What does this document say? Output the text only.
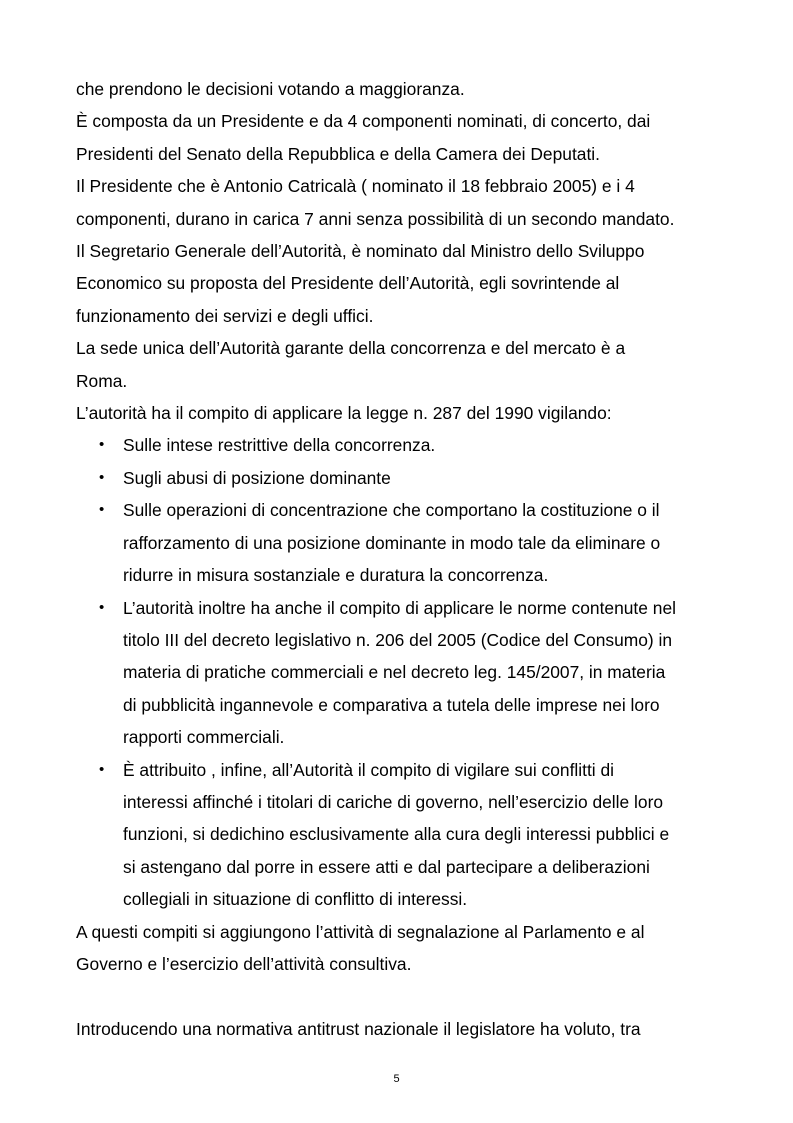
che prendono le decisioni votando a maggioranza.

È composta da un Presidente e da 4 componenti nominati, di concerto, dai

Presidenti del Senato della Repubblica e della Camera dei Deputati.

Il Presidente che è Antonio Catricalà ( nominato il 18 febbraio 2005) e i 4

componenti, durano in carica 7 anni senza possibilità di un secondo mandato.

Il Segretario Generale dell’Autorità, è nominato dal Ministro dello Sviluppo

Economico su proposta del Presidente dell’Autorità, egli sovrintende al

funzionamento dei servizi e degli uffici.

La sede unica dell’Autorità garante della concorrenza e del mercato è a

Roma.

L’autorità ha il compito di applicare la legge n. 287 del 1990 vigilando:

• Sulle intese restrittive della concorrenza.
• Sugli abusi di posizione dominante
• Sulle operazioni di concentrazione che comportano la costituzione o il
rafforzamento di una posizione dominante in modo tale da eliminare o
ridurre in misura sostanziale e duratura la concorrenza.
• L’autorità inoltre ha anche il compito di applicare le norme contenute nel
titolo III del decreto legislativo n. 206 del 2005 (Codice del Consumo) in
materia di pratiche commerciali e nel decreto leg. 145/2007, in materia
di pubblicità ingannevole e comparativa a tutela delle imprese nei loro
rapporti commerciali.
• È attribuito , infine, all’Autorità il compito di vigilare sui conflitti di
interessi affinché i titolari di cariche di governo, nell’esercizio delle loro
funzioni, si dedichino esclusivamente alla cura degli interessi pubblici e
si astengano dal porre in essere atti e dal partecipare a deliberazioni
collegiali in situazione di conflitto di interessi.

A questi compiti si aggiungono l’attività di segnalazione al Parlamento e al

Governo e l’esercizio dell’attività consultiva.

Introducendo una normativa antitrust nazionale il legislatore ha voluto, tra

5
